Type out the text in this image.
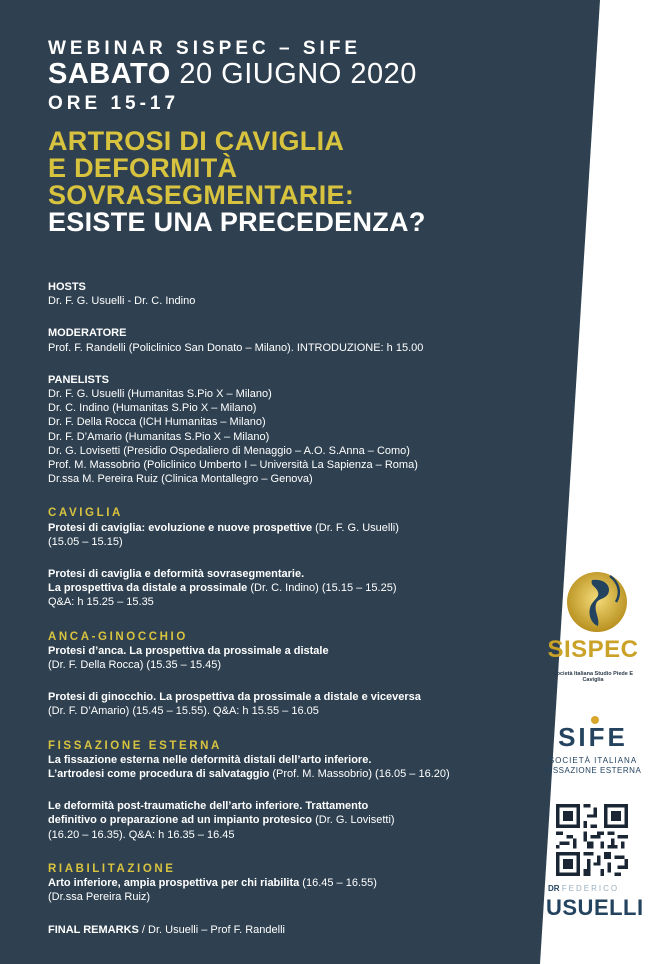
WEBINAR SISPEC – SIFE
SABATO 20 GIUGNO 2020
ORE 15-17
ARTROSI DI CAVIGLIA
E DEFORMITÀ
SOVRASEGMENTARIE:
ESISTE UNA PRECEDENZA?
HOSTS
Dr. F. G. Usuelli - Dr. C. Indino
MODERATORE
Prof. F. Randelli (Policlinico San Donato – Milano). INTRODUZIONE: h 15.00
PANELISTS
Dr. F. G. Usuelli (Humanitas S.Pio X – Milano)
Dr. C. Indino (Humanitas S.Pio X – Milano)
Dr. F. Della Rocca (ICH Humanitas – Milano)
Dr. F. D’Amario (Humanitas S.Pio X – Milano)
Dr. G. Lovisetti (Presidio Ospedaliero di Menaggio – A.O. S.Anna – Como)
Prof. M. Massobrio (Policlinico Umberto I – Università La Sapienza – Roma)
Dr.ssa M. Pereira Ruiz (Clinica Montallegro – Genova)
CAVIGLIA
Protesi di caviglia: evoluzione e nuove prospettive (Dr. F. G. Usuelli)
(15.05 – 15.15)
Protesi di caviglia e deformità sovrasegmentarie.
La prospettiva da distale a prossimale (Dr. C. Indino) (15.15 – 15.25)
Q&A: h 15.25 – 15.35
ANCA-GINOCCHIO
Protesi d’anca. La prospettiva da prossimale a distale
(Dr. F. Della Rocca) (15.35 – 15.45)
Protesi di ginocchio. La prospettiva da prossimale a distale e viceversa
(Dr. F. D’Amario) (15.45 – 15.55). Q&A: h 15.55 – 16.05
FISSAZIONE ESTERNA
La fissazione esterna nelle deformità distali dell’arto inferiore.
L’artrodesi come procedura di salvataggio (Prof. M. Massobrio) (16.05 – 16.20)
Le deformità post-traumatiche dell’arto inferiore. Trattamento
definitivo o preparazione ad un impianto protesico (Dr. G. Lovisetti)
(16.20 – 16.35). Q&A: h 16.35 – 16.45
RIABILITAZIONE
Arto inferiore, ampia prospettiva per chi riabilita (16.45 – 16.55)
(Dr.ssa Pereira Ruiz)
FINAL REMARKS / Dr. Usuelli – Prof F. Randelli
SISPEC
Società Italiana Studio Piede E Caviglia
SIFE
SOCIETÀ ITALIANA
FISSAZIONE ESTERNA
DR FEDERICO
USUELLI
